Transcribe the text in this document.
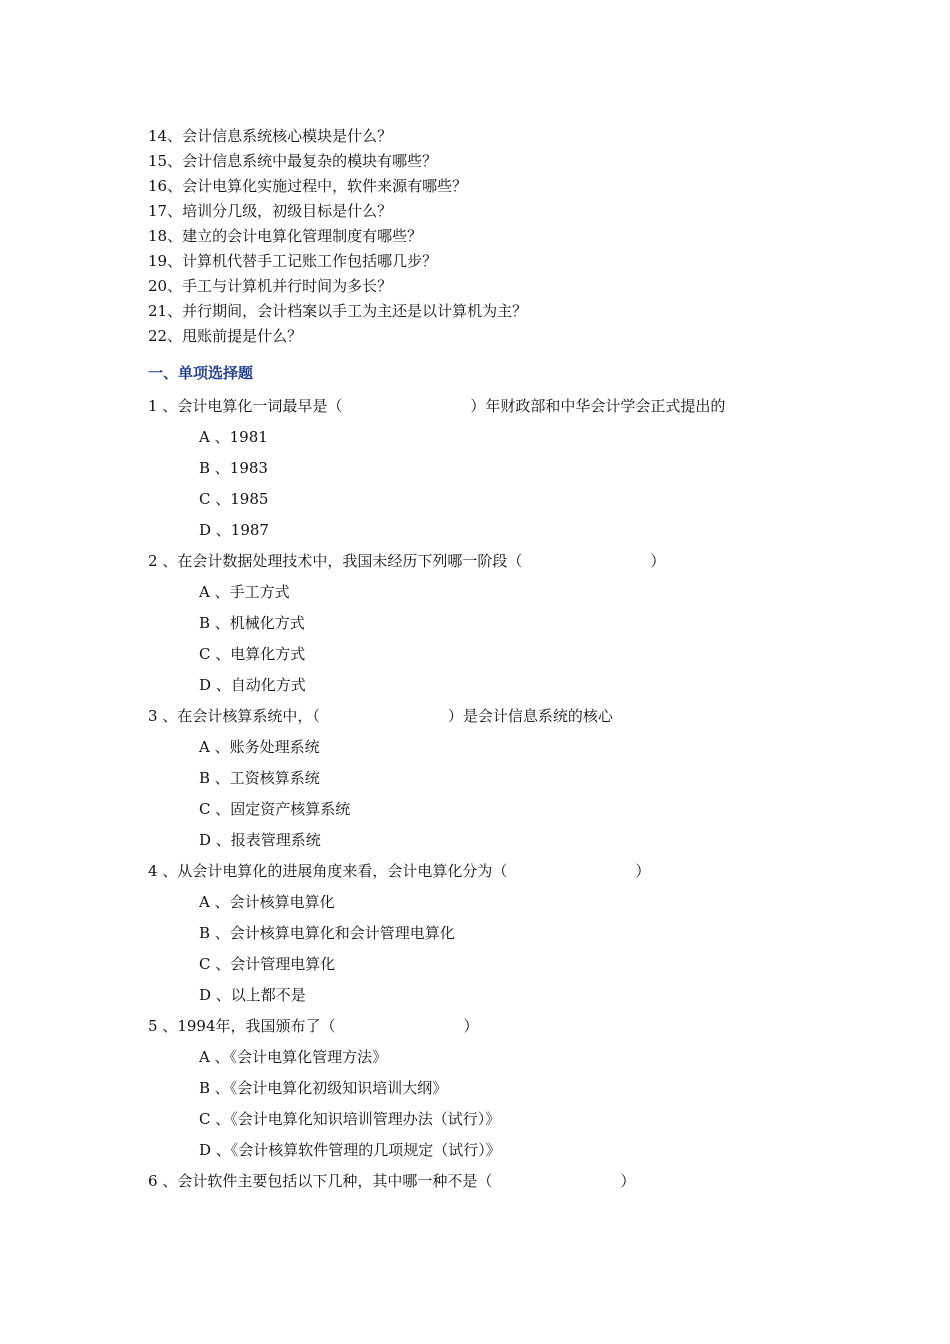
14、会计信息系统核心模块是什么？
15、会计信息系统中最复杂的模块有哪些？
16、会计电算化实施过程中，软件来源有哪些？
17、培训分几级，初级目标是什么？
18、建立的会计电算化管理制度有哪些？
19、计算机代替手工记账工作包括哪几步？
20、手工与计算机并行时间为多长？
21、并行期间，会计档案以手工为主还是以计算机为主？
22、甩账前提是什么？
一、单项选择题
1 、会计电算化一词最早是（	）年财政部和中华会计学会正式提出的
A 、1981
B 、1983
C 、1985
D 、1987
2 、在会计数据处理技术中，我国未经历下列哪一阶段（	）
A 、手工方式
B 、机械化方式
C 、电算化方式
D 、自动化方式
3 、在会计核算系统中，（	）是会计信息系统的核心
A 、账务处理系统
B 、工资核算系统
C 、固定资产核算系统
D 、报表管理系统
4 、从会计电算化的进展角度来看，会计电算化分为（	）
A 、会计核算电算化
B 、会计核算电算化和会计管理电算化
C 、会计管理电算化
D 、以上都不是
5 、1994年，我国颁布了（	）
A 、《会计电算化管理方法》
B 、《会计电算化初级知识培训大纲》
C 、《会计电算化知识培训管理办法（试行）》
D 、《会计核算软件管理的几项规定（试行）》
6 、会计软件主要包括以下几种，其中哪一种不是（	）
